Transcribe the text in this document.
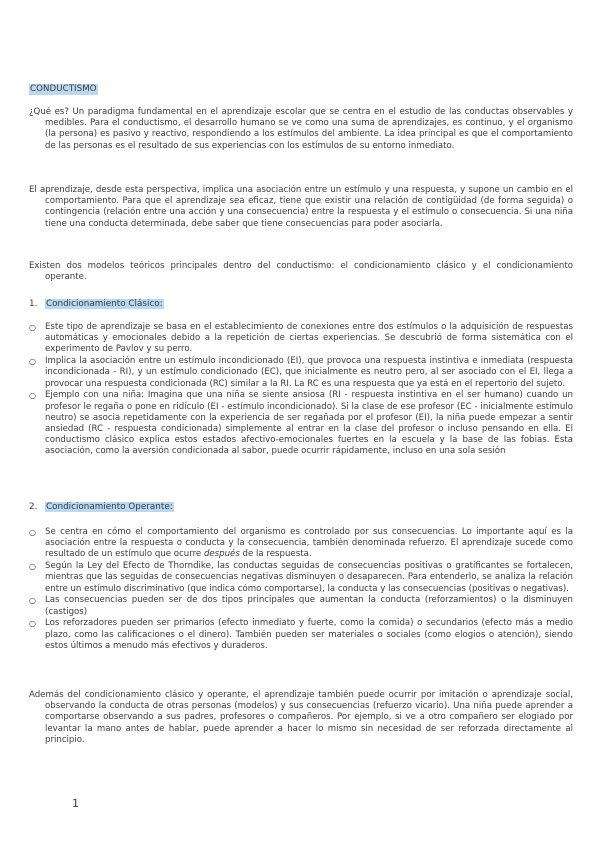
CONDUCTISMO
¿Qué es? Un paradigma fundamental en el aprendizaje escolar que se centra en el estudio de las conductas observables y medibles. Para el conductismo, el desarrollo humano se ve como una suma de aprendizajes, es continuo, y el organismo (la persona) es pasivo y reactivo, respondiendo a los estímulos del ambiente. La idea principal es que el comportamiento de las personas es el resultado de sus experiencias con los estímulos de su entorno inmediato.
El aprendizaje, desde esta perspectiva, implica una asociación entre un estímulo y una respuesta, y supone un cambio en el comportamiento. Para que el aprendizaje sea eficaz, tiene que existir una relación de contigüidad (de forma seguida) o contingencia (relación entre una acción y una consecuencia) entre la respuesta y el estímulo o consecuencia. Si una niña tiene una conducta determinada, debe saber que tiene consecuencias para poder asociarla.
Existen dos modelos teóricos principales dentro del conductismo: el condicionamiento clásico y el condicionamiento operante.
1. Condicionamiento Clásico:
○ Este tipo de aprendizaje se basa en el establecimiento de conexiones entre dos estímulos o la adquisición de respuestas automáticas y emocionales debido a la repetición de ciertas experiencias. Se descubrió de forma sistemática con el experimento de Pavlov y su perro.
○ Implica la asociación entre un estímulo incondicionado (EI), que provoca una respuesta instintiva e inmediata (respuesta incondicionada - RI), y un estímulo condicionado (EC), que inicialmente es neutro pero, al ser asociado con el EI, llega a provocar una respuesta condicionada (RC) similar a la RI. La RC es una respuesta que ya está en el repertorio del sujeto.
○ Ejemplo con una niña: Imagina que una niña se siente ansiosa (RI - respuesta instintiva en el ser humano) cuando un profesor le regaña o pone en ridículo (EI - estímulo incondicionado). Si la clase de ese profesor (EC - inicialmente estímulo neutro) se asocia repetidamente con la experiencia de ser regañada por el profesor (EI), la niña puede empezar a sentir ansiedad (RC - respuesta condicionada) simplemente al entrar en la clase del profesor o incluso pensando en ella. El conductismo clásico explica estos estados afectivo-emocionales fuertes en la escuela y la base de las fobias. Esta asociación, como la aversión condicionada al sabor, puede ocurrir rápidamente, incluso en una sola sesión
2. Condicionamiento Operante:
○ Se centra en cómo el comportamiento del organismo es controlado por sus consecuencias. Lo importante aquí es la asociación entre la respuesta o conducta y la consecuencia, también denominada refuerzo. El aprendizaje sucede como resultado de un estímulo que ocurre después de la respuesta.
○ Según la Ley del Efecto de Thorndike, las conductas seguidas de consecuencias positivas o gratificantes se fortalecen, mientras que las seguidas de consecuencias negativas disminuyen o desaparecen. Para entenderlo, se analiza la relación entre un estímulo discriminativo (que indica cómo comportarse), la conducta y las consecuencias (positivas o negativas).
○ Las consecuencias pueden ser de dos tipos principales que aumentan la conducta (reforzamientos) o la disminuyen (castigos)
○ Los reforzadores pueden ser primarios (efecto inmediato y fuerte, como la comida) o secundarios (efecto más a medio plazo, como las calificaciones o el dinero). También pueden ser materiales o sociales (como elogios o atención), siendo estos últimos a menudo más efectivos y duraderos.
Además del condicionamiento clásico y operante, el aprendizaje también puede ocurrir por imitación o aprendizaje social, observando la conducta de otras personas (modelos) y sus consecuencias (refuerzo vicario). Una niña puede aprender a comportarse observando a sus padres, profesores o compañeros. Por ejemplo, si ve a otro compañero ser elogiado por levantar la mano antes de hablar, puede aprender a hacer lo mismo sin necesidad de ser reforzada directamente al principio.
1
